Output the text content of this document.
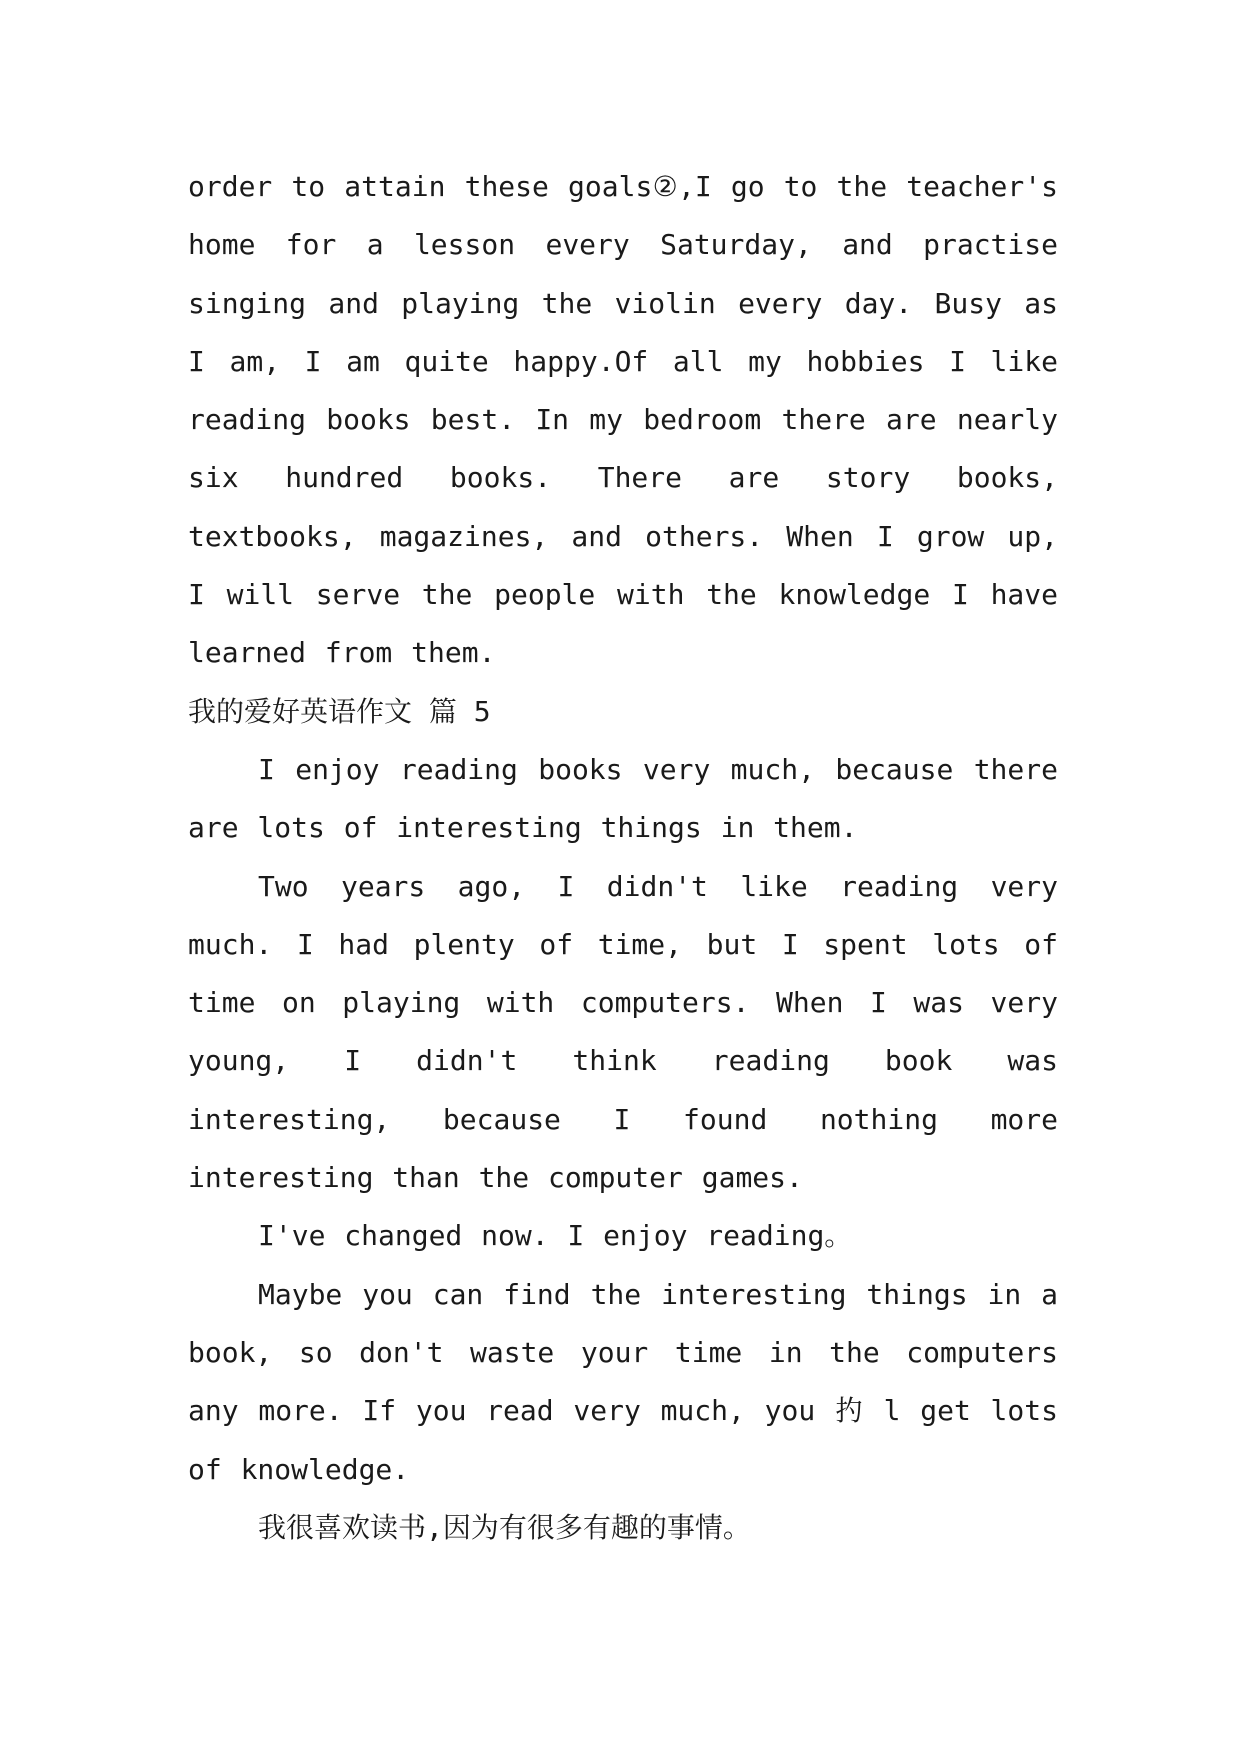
order to attain these goals②,I go to the teacher's home for a lesson every Saturday, and practise singing and playing the violin every day. Busy as I am, I am quite happy.Of all my hobbies I like reading books best. In my bedroom there are nearly six hundred books. There are story books, textbooks, magazines, and others. When I grow up, I will serve the people with the knowledge I have learned from them.

我的爱好英语作文 篇 5

I enjoy reading books very much, because there are lots of interesting things in them.

Two years ago, I didn't like reading very much. I had plenty of time, but I spent lots of time on playing with computers. When I was very young, I didn't think reading book was interesting, because I found nothing more interesting than the computer games.

I've changed now. I enjoy reading。

Maybe you can find the interesting things in a book, so don't waste your time in the computers any more. If you read very much, you 扚 l get lots of knowledge.

我很喜欢读书,因为有很多有趣的事情。
